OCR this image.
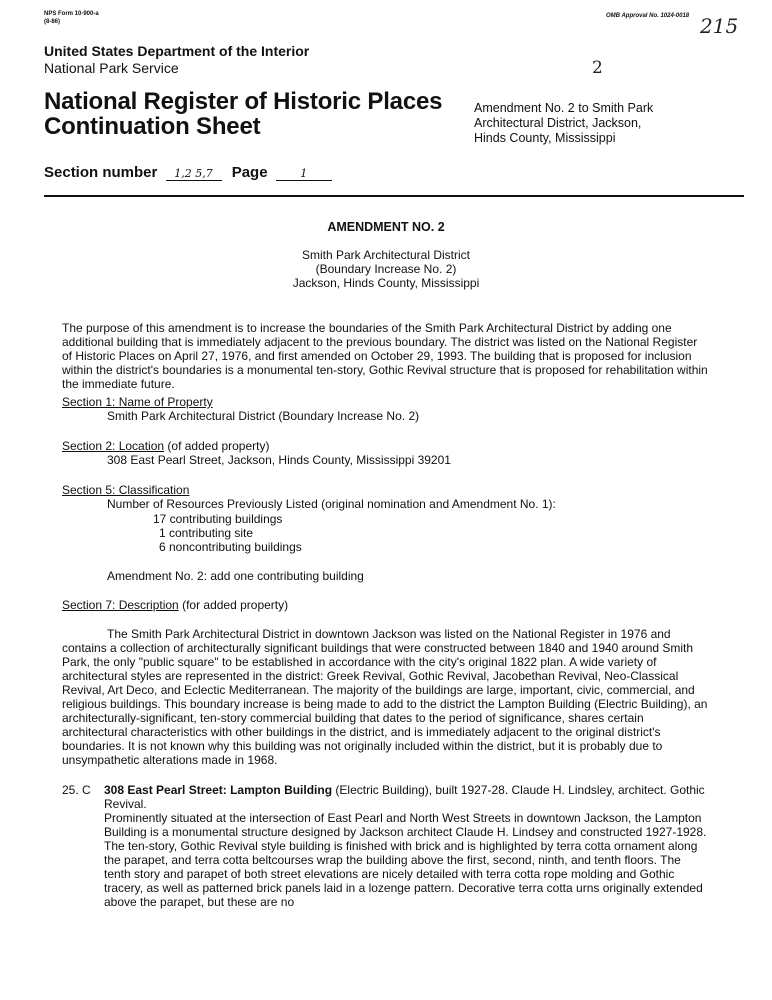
NPS Form 10-900-a
(8-86)
OMB Approval No. 1024-0018 215
2
United States Department of the Interior
National Park Service
National Register of Historic Places
Continuation Sheet
Amendment No. 2 to Smith Park
Architectural District, Jackson,
Hinds County, Mississippi
Section number 1,2 5,7 Page	1
AMENDMENT NO. 2
Smith Park Architectural District
(Boundary Increase No. 2)
Jackson, Hinds County, Mississippi
The purpose of this amendment is to increase the boundaries of the Smith Park Architectural District by adding one additional building that is immediately adjacent to the previous boundary. The district was listed on the National Register of Historic Places on April 27, 1976, and first amended on October 29, 1993. The building that is proposed for inclusion within the district's boundaries is a monumental ten-story, Gothic Revival structure that is proposed for rehabilitation within the immediate future.
Section 1: Name of Property
Smith Park Architectural District (Boundary Increase No. 2)
Section 2: Location (of added property)
308 East Pearl Street, Jackson, Hinds County, Mississippi 39201
Section 5: Classification
Number of Resources Previously Listed (original nomination and Amendment No. 1):
17 contributing buildings
1 contributing site
6 noncontributing buildings
Amendment No. 2: add one contributing building
Section 7: Description (for added property)
The Smith Park Architectural District in downtown Jackson was listed on the National Register in 1976 and contains a collection of architecturally significant buildings that were constructed between 1840 and 1940 around Smith Park, the only "public square" to be established in accordance with the city's original 1822 plan. A wide variety of architectural styles are represented in the district: Greek Revival, Gothic Revival, Jacobethan Revival, Neo-Classical Revival, Art Deco, and Eclectic Mediterranean. The majority of the buildings are large, important, civic, commercial, and religious buildings. This boundary increase is being made to add to the district the Lampton Building (Electric Building), an architecturally-significant, ten-story commercial building that dates to the period of significance, shares certain architectural characteristics with other buildings in the district, and is immediately adjacent to the original district's boundaries. It is not known why this building was not originally included within the district, but it is probably due to unsympathetic alterations made in 1968.
25. C 308 East Pearl Street: Lampton Building (Electric Building), built 1927-28. Claude H. Lindsley, architect. Gothic Revival.
Prominently situated at the intersection of East Pearl and North West Streets in downtown Jackson, the Lampton Building is a monumental structure designed by Jackson architect Claude H. Lindsey and constructed 1927-1928. The ten-story, Gothic Revival style building is finished with brick and is highlighted by terra cotta ornament along the parapet, and terra cotta beltcourses wrap the building above the first, second, ninth, and tenth floors. The tenth story and parapet of both street elevations are nicely detailed with terra cotta rope molding and Gothic tracery, as well as patterned brick panels laid in a lozenge pattern. Decorative terra cotta urns originally extended above the parapet, but these are no
